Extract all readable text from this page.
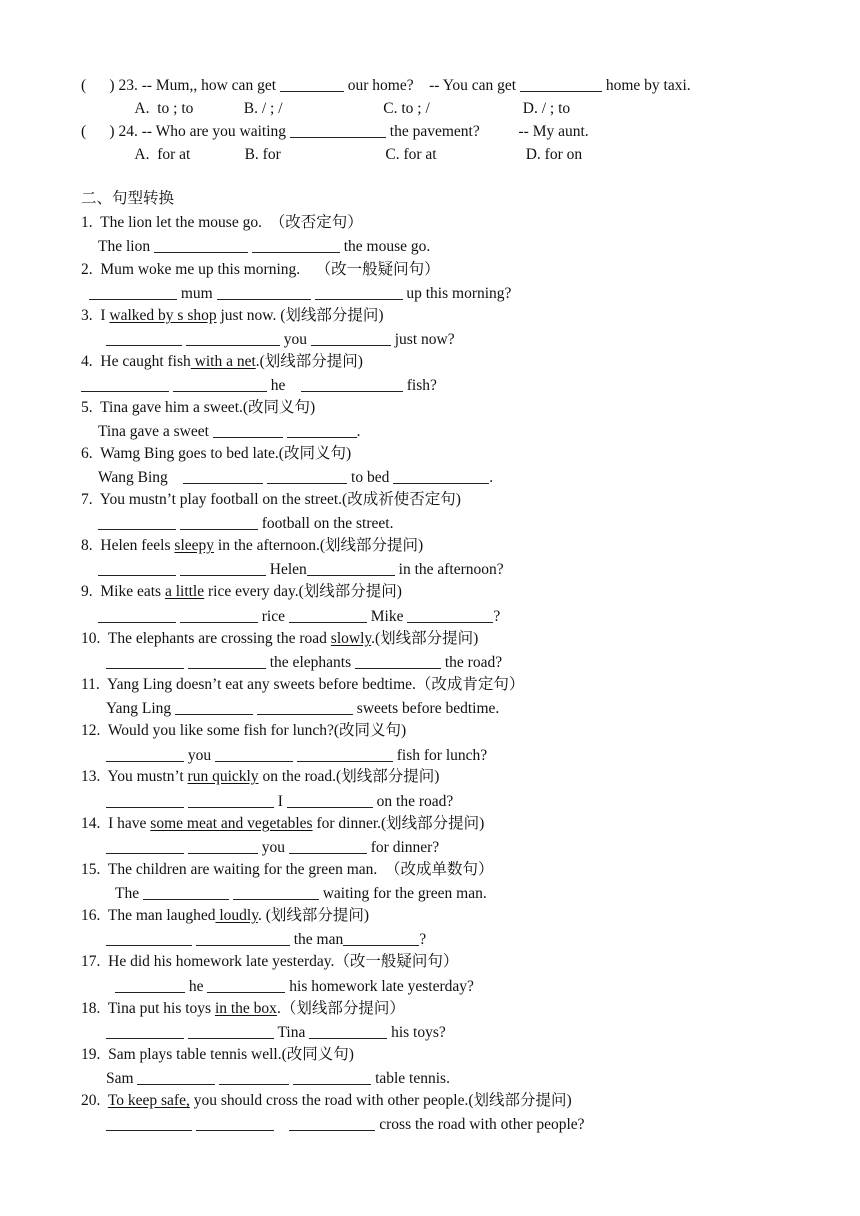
(      ) 23. -- Mum,, how can get	our home?    -- You can get	home by taxi.
A.  to ; to             B. / ; /                          C. to ; /                        D. / ; to
(      ) 24. -- Who are you waiting	the pavement?          -- My aunt.
A.  for at              B. for                           C. for at                       D. for on
二、句型转换
1.  The lion let the mouse go.  （改否定句）
The lion	the mouse go.
2.  Mum woke me up this morning.    （改一般疑问句）
mum	up this morning?
3.  I walked by s shop just now. (划线部分提问)
you	just now?
4.  He caught fish with a net.(划线部分提问)
he	fish?
5.  Tina gave him a sweet.(改同义句)
Tina gave a sweet	.
6.  Wamg Bing goes to bed late.(改同义句)
Wang Bing	to bed	.
7.  You mustn’t play football on the street.(改成祈使否定句)
football on the street.
8.  Helen feels sleepy in the afternoon.(划线部分提问)
Helen	in the afternoon?
9.  Mike eats a little rice every day.(划线部分提问)
rice	Mike	?
10.  The elephants are crossing the road slowly.(划线部分提问)
the elephants	the road?
11.  Yang Ling doesn’t eat any sweets before bedtime.（改成肯定句）
Yang Ling	sweets before bedtime.
12.  Would you like some fish for lunch?(改同义句)
you	fish for lunch?
13.  You mustn’t run quickly on the road.(划线部分提问)
I	on the road?
14.  I have some meat and vegetables for dinner.(划线部分提问)
you	for dinner?
15.  The children are waiting for the green man.  （改成单数句）
The	waiting for the green man.
16.  The man laughed loudly. (划线部分提问)
the man	?
17.  He did his homework late yesterday.（改一般疑问句）
he	his homework late yesterday?
18.  Tina put his toys in the box.（划线部分提问）
Tina	his toys?
19.  Sam plays table tennis well.(改同义句)
Sam	table tennis.
20.  To keep safe, you should cross the road with other people.(划线部分提问)
cross the road with other people?
